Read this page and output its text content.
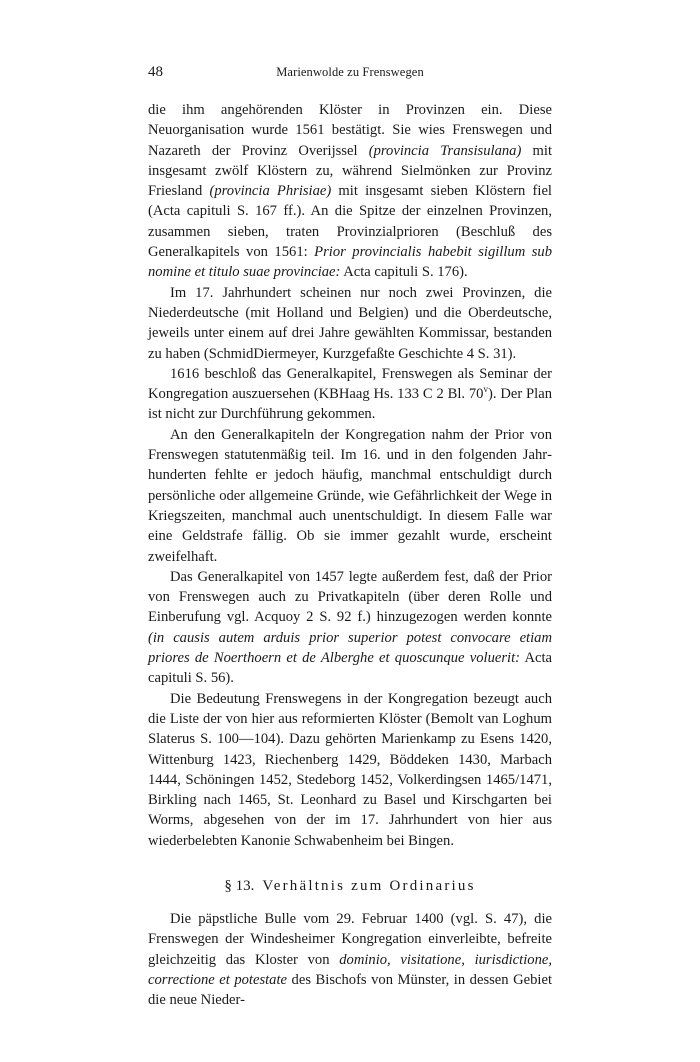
48	Marienwolde zu Frenswegen

die ihm angehörenden Klöster in Provinzen ein. Diese Neuorganisation wurde 1561 bestätigt. Sie wies Frenswegen und Nazareth der Provinz Overijssel (provincia Transisulana) mit insgesamt zwölf Klöstern zu, während Sielmönken zur Provinz Friesland (provincia Phrisiae) mit insgesamt sieben Klöstern fiel (Acta capituli S. 167 ff.). An die Spitze der einzelnen Provinzen, zusammen sieben, traten Provinzialprioren (Beschluß des Generalkapitels von 1561: Prior provincialis habebit sigillum sub nomine et titulo suae provinciae: Acta capituli S. 176).

Im 17. Jahrhundert scheinen nur noch zwei Provinzen, die Niederdeutsche (mit Holland und Belgien) und die Oberdeutsche, jeweils unter einem auf drei Jahre gewählten Kommissar, bestanden zu haben (SchmidDiermeyer, Kurzgefaßte Geschichte 4 S. 31).

1616 beschloß das Generalkapitel, Frenswegen als Seminar der Kongregation auszuersehen (KBHaag Hs. 133 C 2 Bl. 70$^v$). Der Plan ist nicht zur Durchführung gekommen.

An den Generalkapiteln der Kongregation nahm der Prior von Frenswegen statutenmäßig teil. Im 16. und in den folgenden Jahrhunderten fehlte er jedoch häufig, manchmal entschuldigt durch persönliche oder allgemeine Gründe, wie Gefährlichkeit der Wege in Kriegszeiten, manchmal auch unentschuldigt. In diesem Falle war eine Geldstrafe fällig. Ob sie immer gezahlt wurde, erscheint zweifelhaft.

Das Generalkapitel von 1457 legte außerdem fest, daß der Prior von Frenswegen auch zu Privatkapiteln (über deren Rolle und Einberufung vgl. Acquoy 2 S. 92 f.) hinzugezogen werden konnte (in causis autem arduis prior superior potest convocare etiam priores de Noerthoern et de Alberghe et quoscunque voluerit: Acta capituli S. 56).

Die Bedeutung Frenswegens in der Kongregation bezeugt auch die Liste der von hier aus reformierten Klöster (Bemolt van Loghum Slaterus S. 100—104). Dazu gehörten Marienkamp zu Esens 1420, Wittenburg 1423, Riechenberg 1429, Böddeken 1430, Marbach 1444, Schöningen 1452, Stedeborg 1452, Volkerdingsen 1465/1471, Birkling nach 1465, St. Leonhard zu Basel und Kirschgarten bei Worms, abgesehen von der im 17. Jahrhundert von hier aus wiederbelebten Kanonie Schwabenheim bei Bingen.

§ 13. Verhältnis zum Ordinarius

Die päpstliche Bulle vom 29. Februar 1400 (vgl. S. 47), die Frenswegen der Windesheimer Kongregation einverleibte, befreite gleichzeitig das Kloster von dominio, visitatione, iurisdictione, correctione et potestate des Bischofs von Münster, in dessen Gebiet die neue Nieder-
